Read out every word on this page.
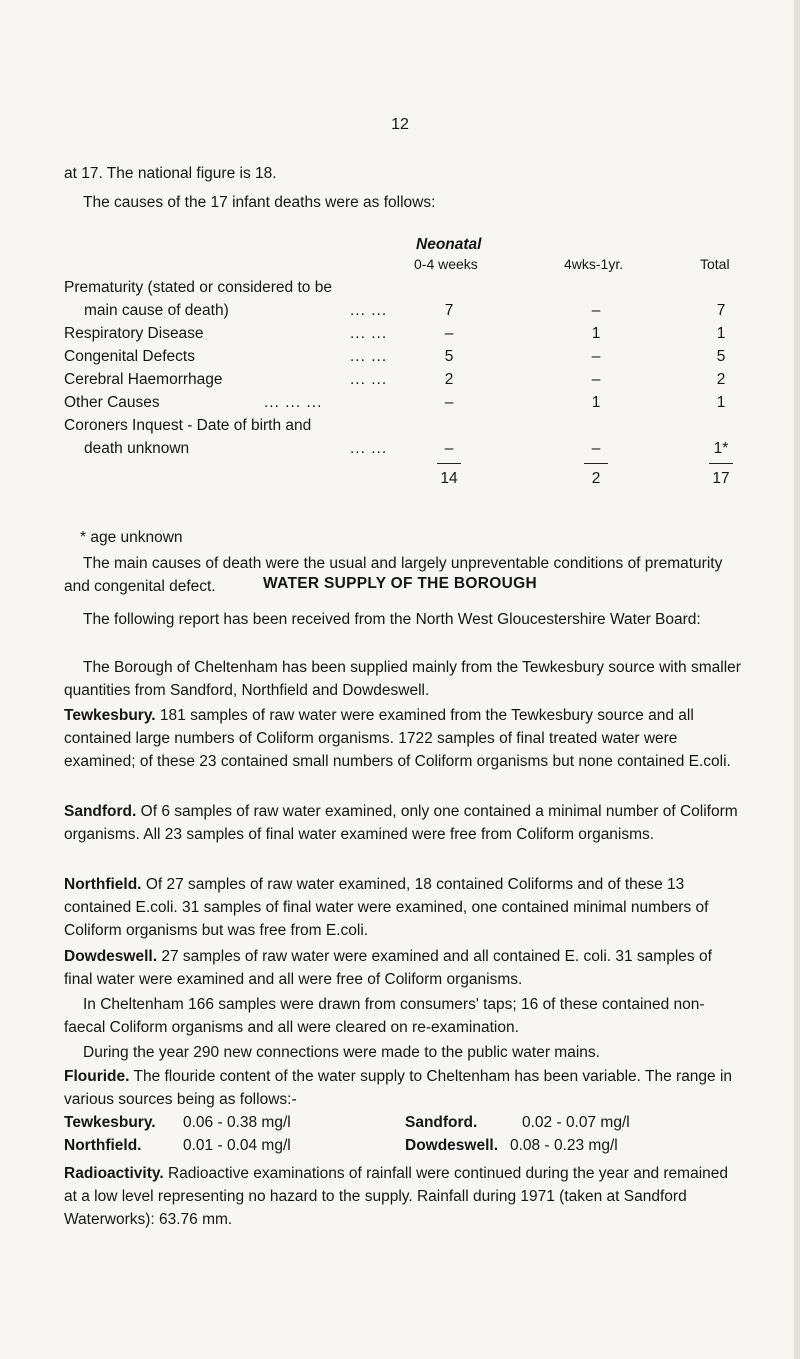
12

at 17. The national figure is 18.

The causes of the 17 infant deaths were as follows:

Neonatal
0-4 weeks	4wks-1yr.	Total
Prematurity (stated or considered to be
main cause of death)	... ...	7	–	7
Respiratory Disease	... ...	–	1	1
Congenital Defects	... ...	5	–	5
Cerebral Haemorrhage	... ...	2	–	2
Other Causes	... ... ...	–	1	1
Coroners Inquest - Date of birth and
death unknown	... ...	–	–	1*
14	2	17
* age unknown

The main causes of death were the usual and largely unpreventable conditions of prematurity and congenital defect.	WATER SUPPLY OF THE BOROUGH

The following report has been received from the North West Gloucestershire Water Board:

The Borough of Cheltenham has been supplied mainly from the Tewkesbury source with smaller quantities from Sandford, Northfield and Dowdeswell.

Tewkesbury. 181 samples of raw water were examined from the Tewkesbury source and all contained large numbers of Coliform organisms. 1722 samples of final treated water were examined; of these 23 contained small numbers of Coliform organisms but none contained E.coli.

Sandford. Of 6 samples of raw water examined, only one contained a minimal number of Coliform organisms. All 23 samples of final water examined were free from Coliform organisms.

Northfield. Of 27 samples of raw water examined, 18 contained Coliforms and of these 13 contained E.coli. 31 samples of final water were examined, one contained minimal numbers of Coliform organisms but was free from E.coli.

Dowdeswell. 27 samples of raw water were examined and all contained E. coli. 31 samples of final water were examined and all were free of Coliform organisms.

In Cheltenham 166 samples were drawn from consumers' taps; 16 of these contained non-faecal Coliform organisms and all were cleared on re-examination.

During the year 290 new connections were made to the public water mains.

Flouride. The flouride content of the water supply to Cheltenham has been variable. The range in various sources being as follows:-

Tewkesbury. 0.06 - 0.38 mg/l	Sandford.	0.02 - 0.07 mg/l
Northfield.	0.01 - 0.04 mg/l	Dowdeswell. 0.08 - 0.23 mg/l

Radioactivity. Radioactive examinations of rainfall were continued during the year and remained at a low level representing no hazard to the supply. Rainfall during 1971 (taken at Sandford Waterworks): 63.76 mm.
